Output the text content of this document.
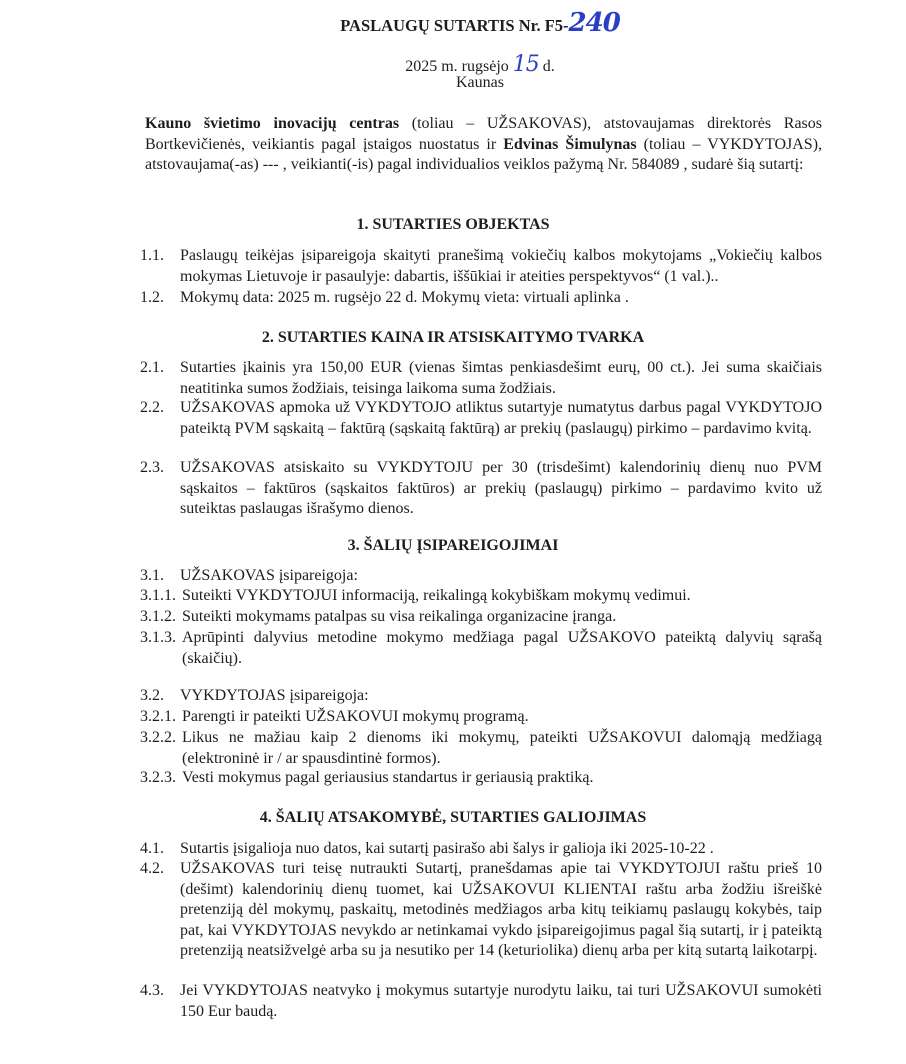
PASLAUGŲ SUTARTIS Nr. F5-240
2025 m. rugsėjo 15 d.
Kaunas
Kauno švietimo inovacijų centras (toliau – UŽSAKOVAS), atstovaujamas direktorės Rasos Bortkevičienės, veikiantis pagal įstaigos nuostatus ir Edvinas Šimulynas (toliau – VYKDYTOJAS), atstovaujama(-as) --- , veikianti(-is) pagal individualios veiklos pažymą Nr. 584089 , sudarė šią sutartį:
1. SUTARTIES OBJEKTAS
1.1.	Paslaugų teikėjas įsipareigoja skaityti pranešimą vokiečių kalbos mokytojams „Vokiečių kalbos mokymas Lietuvoje ir pasaulyje: dabartis, iššūkiai ir ateities perspektyvos“ (1 val.)..
1.2.	Mokymų data: 2025 m. rugsėjo 22 d. Mokymų vieta: virtuali aplinka .
2. SUTARTIES KAINA IR ATSISKAITYMO TVARKA
2.1.	Sutarties įkainis yra 150,00 EUR (vienas šimtas penkiasdešimt eurų, 00 ct.). Jei suma skaičiais neatitinka sumos žodžiais, teisinga laikoma suma žodžiais.
2.2.	UŽSAKOVAS apmoka už VYKDYTOJO atliktus sutartyje numatytus darbus pagal VYKDYTOJO pateiktą PVM sąskaitą – faktūrą (sąskaitą faktūrą) ar prekių (paslaugų) pirkimo – pardavimo kvitą.
2.3.	UŽSAKOVAS atsiskaito su VYKDYTOJU per 30 (trisdešimt) kalendorinių dienų nuo PVM sąskaitos – faktūros (sąskaitos faktūros) ar prekių (paslaugų) pirkimo – pardavimo kvito už suteiktas paslaugas išrašymo dienos.
3. ŠALIŲ ĮSIPAREIGOJIMAI
3.1.	UŽSAKOVAS įsipareigoja:
3.1.1. Suteikti VYKDYTOJUI informaciją, reikalingą kokybiškam mokymų vedimui.
3.1.2. Suteikti mokymams patalpas su visa reikalinga organizacine įranga.
3.1.3. Aprūpinti dalyvius metodine mokymo medžiaga pagal UŽSAKOVO pateiktą dalyvių sąrašą (skaičių).
3.2.	VYKDYTOJAS įsipareigoja:
3.2.1. Parengti ir pateikti UŽSAKOVUI mokymų programą.
3.2.2. Likus ne mažiau kaip 2 dienoms iki mokymų, pateikti UŽSAKOVUI dalomąją medžiagą (elektroninė ir / ar spausdintinė formos).
3.2.3. Vesti mokymus pagal geriausius standartus ir geriausią praktiką.
4. ŠALIŲ ATSAKOMYBĖ, SUTARTIES GALIOJIMAS
4.1.	Sutartis įsigalioja nuo datos, kai sutartį pasirašo abi šalys ir galioja iki 2025-10-22 .
4.2.	UŽSAKOVAS turi teisę nutraukti Sutartį, pranešdamas apie tai VYKDYTOJUI raštu prieš 10 (dešimt) kalendorinių dienų tuomet, kai UŽSAKOVUI KLIENTAI raštu arba žodžiu išreiškė pretenziją dėl mokymų, paskaitų, metodinės medžiagos arba kitų teikiamų paslaugų kokybės, taip pat, kai VYKDYTOJAS nevykdo ar netinkamai vykdo įsipareigojimus pagal šią sutartį, ir į pateiktą pretenziją neatsižvelgė arba su ja nesutiko per 14 (keturiolika) dienų arba per kitą sutartą laikotarpį.
4.3.	Jei VYKDYTOJAS neatvyko į mokymus sutartyje nurodytu laiku, tai turi UŽSAKOVUI sumokėti 150 Eur baudą.
